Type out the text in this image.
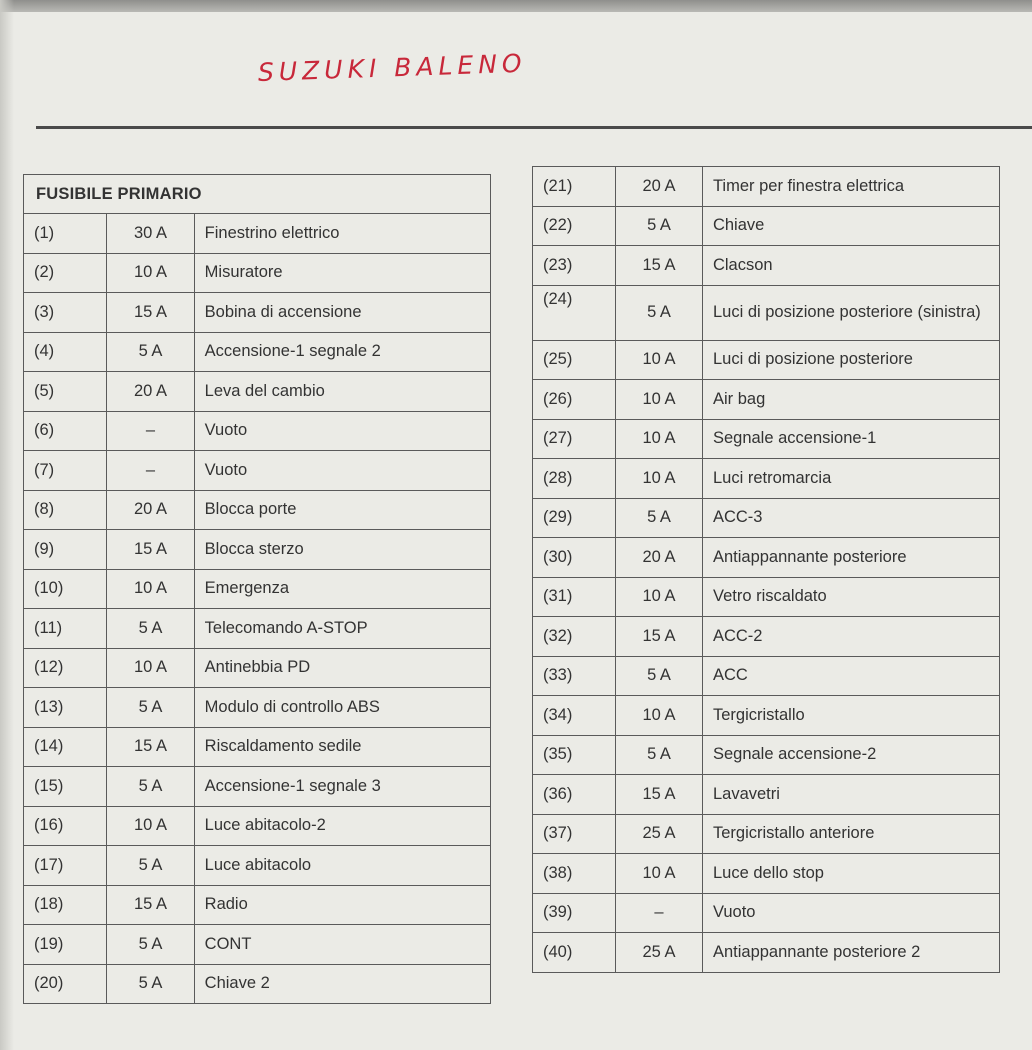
SUZUKI BALENO
FUSIBILE PRIMARIO		
(1)	30 A	Finestrino elettrico
(2)	10 A	Misuratore
(3)	15 A	Bobina di accensione
(4)	5 A	Accensione-1 segnale 2
(5)	20 A	Leva del cambio
(6)	–	Vuoto
(7)	–	Vuoto
(8)	20 A	Blocca porte
(9)	15 A	Blocca sterzo
(10)	10 A	Emergenza
(11)	5 A	Telecomando A-STOP
(12)	10 A	Antinebbia PD
(13)	5 A	Modulo di controllo ABS
(14)	15 A	Riscaldamento sedile
(15)	5 A	Accensione-1 segnale 3
(16)	10 A	Luce abitacolo-2
(17)	5 A	Luce abitacolo
(18)	15 A	Radio
(19)	5 A	CONT
(20)	5 A	Chiave 2
(21)	20 A	Timer per finestra elettrica
(22)	5 A	Chiave
(23)	15 A	Clacson
(24)	5 A	Luci di posizione posteriore (sinistra)
(25)	10 A	Luci di posizione posteriore
(26)	10 A	Air bag
(27)	10 A	Segnale accensione-1
(28)	10 A	Luci retromarcia
(29)	5 A	ACC-3
(30)	20 A	Antiappannante posteriore
(31)	10 A	Vetro riscaldato
(32)	15 A	ACC-2
(33)	5 A	ACC
(34)	10 A	Tergicristallo
(35)	5 A	Segnale accensione-2
(36)	15 A	Lavavetri
(37)	25 A	Tergicristallo anteriore
(38)	10 A	Luce dello stop
(39)	–	Vuoto
(40)	25 A	Antiappannante posteriore 2
